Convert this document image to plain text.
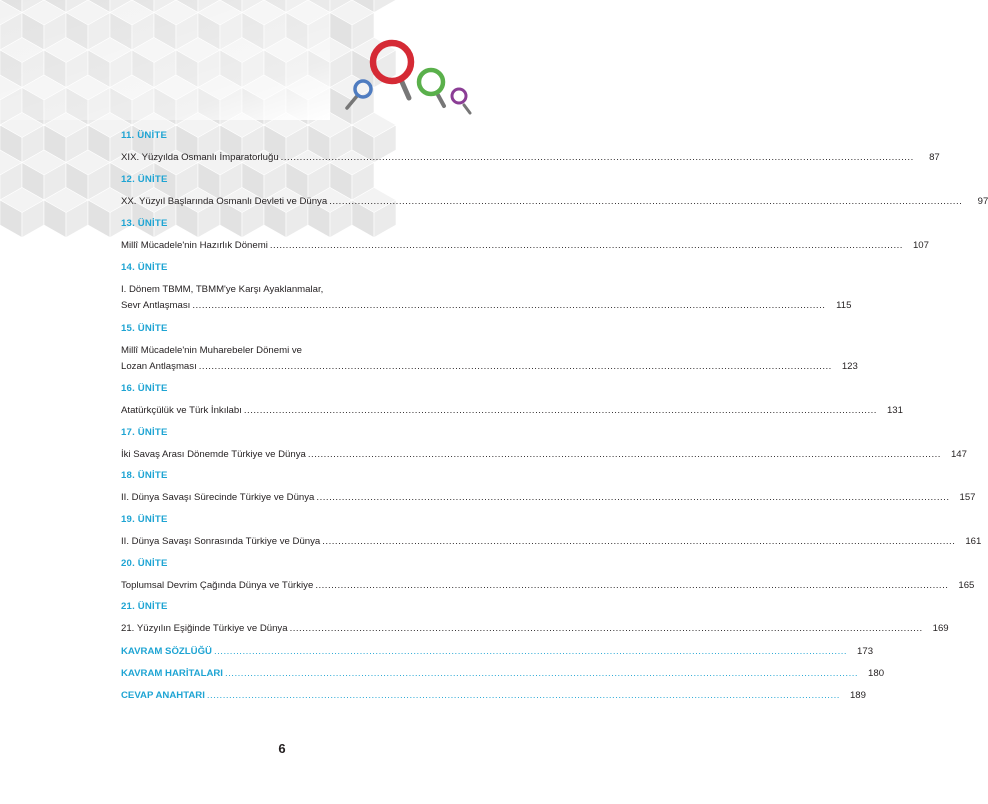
11. ÜNİTE
XIX. Yüzyılda Osmanlı İmparatorluğu ........................................................................................................................................................................................................	87
12. ÜNİTE
XX. Yüzyıl Başlarında Osmanlı Devleti ve Dünya ........................................................................................................................................................................................................	97
13. ÜNİTE
Millî Mücadele'nin Hazırlık Dönemi ........................................................................................................................................................................................................	107
14. ÜNİTE
I. Dönem TBMM, TBMM'ye Karşı Ayaklanmalar,
Sevr Antlaşması ........................................................................................................................................................................................................	115
15. ÜNİTE
Millî Mücadele'nin Muharebeler Dönemi ve
Lozan Antlaşması ........................................................................................................................................................................................................	123
16. ÜNİTE
Atatürkçülük ve Türk İnkılabı ........................................................................................................................................................................................................	131
17. ÜNİTE
İki Savaş Arası Dönemde Türkiye ve Dünya ........................................................................................................................................................................................................	147
18. ÜNİTE
II. Dünya Savaşı Sürecinde Türkiye ve Dünya ........................................................................................................................................................................................................	157
19. ÜNİTE
II. Dünya Savaşı Sonrasında Türkiye ve Dünya ........................................................................................................................................................................................................	161
20. ÜNİTE
Toplumsal Devrim Çağında Dünya ve Türkiye ........................................................................................................................................................................................................	165
21. ÜNİTE
21. Yüzyılın Eşiğinde Türkiye ve Dünya ........................................................................................................................................................................................................	169
KAVRAM SÖZLÜĞÜ ........................................................................................................................................................................................................	173
KAVRAM HARİTALARI ........................................................................................................................................................................................................	180
CEVAP ANAHTARI ........................................................................................................................................................................................................	189
6
